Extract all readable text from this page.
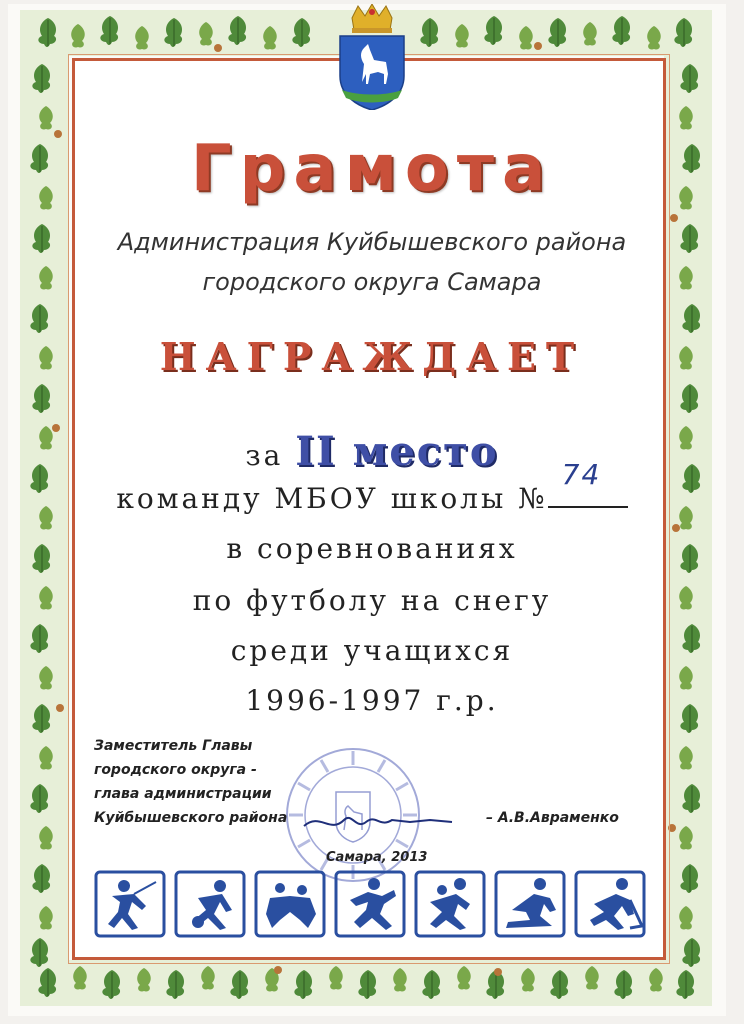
Грамота
Администрация Куйбышевского района
городского округа Самара
НАГРАЖДАЕТ
за II место
команду МБОУ школы №
74
в соревнованиях
по футболу на снегу
среди учащихся
1996-1997 г.р.
Заместитель Главы
городского округа -
глава администрации
Куйбышевского района	– А.В.Авраменко
Самара, 2013
